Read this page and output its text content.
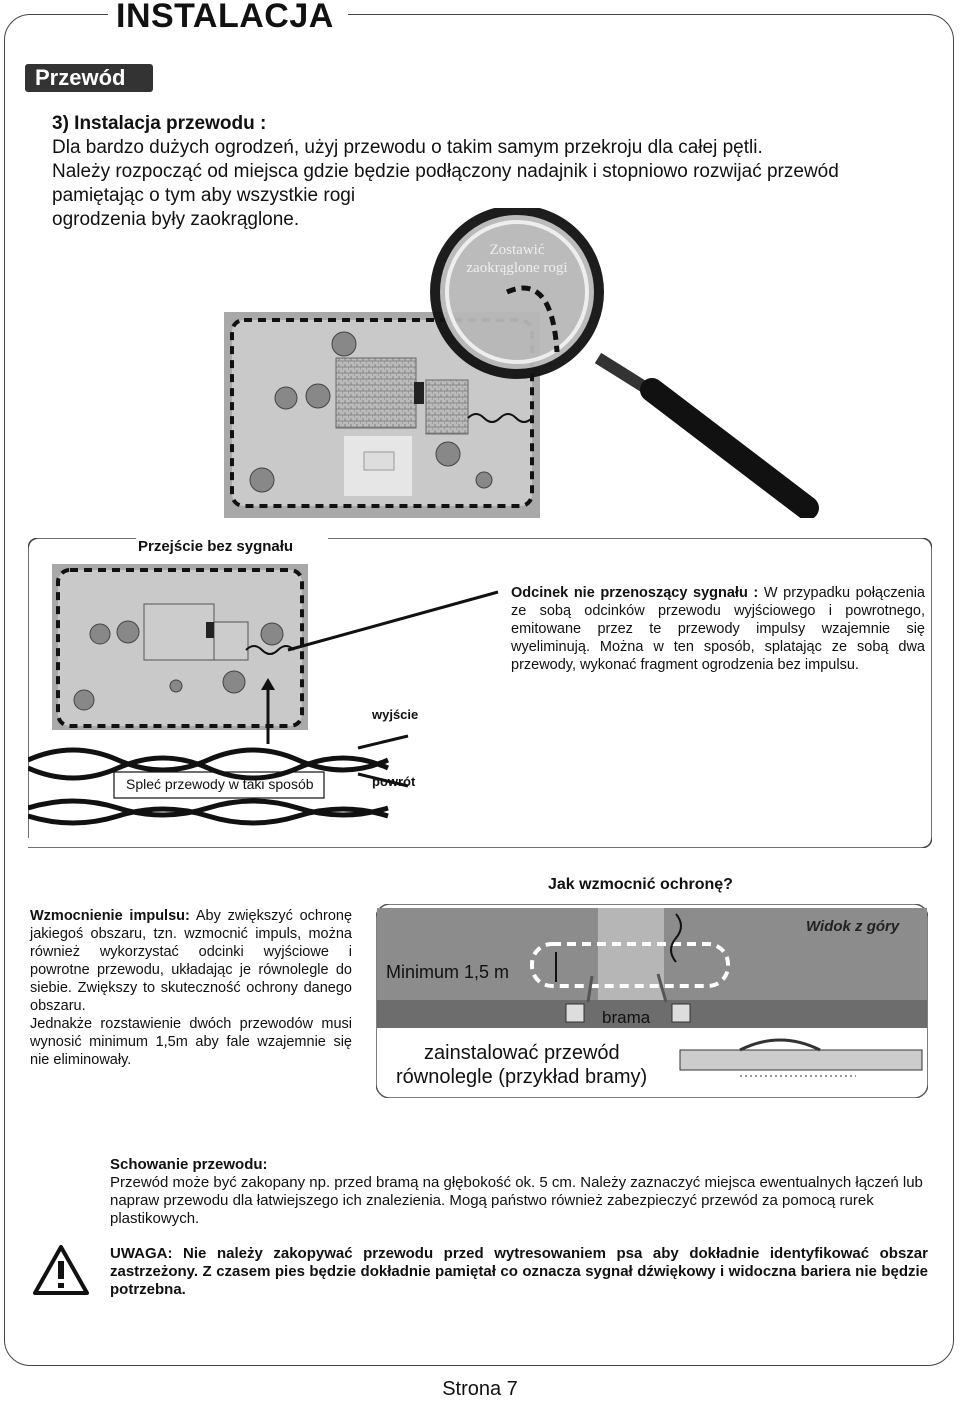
INSTALACJA
Przewód
3) Instalacja przewodu :
Dla bardzo dużych ogrodzeń, użyj przewodu o takim samym przekroju dla całej pętli.
Należy rozpocząć od miejsca gdzie będzie podłączony nadajnik i stopniowo rozwijać przewód
pamiętając o tym aby wszystkie rogi
ogrodzenia były zaokrąglone.
Zostawić
zaokrąglone rogi
Przejście bez sygnału
Odcinek nie przenoszący sygnału : W przypadku połączenia ze sobą odcinków przewodu wyjściowego i powrotnego, emitowane przez te przewody impulsy wzajemnie się wyeliminują. Można w ten sposób, splatając ze sobą dwa przewody, wykonać fragment ogrodzenia bez impulsu.
wyjście
powrót
Spleć przewody w taki sposób
Jak wzmocnić ochronę?
Wzmocnienie impulsu: Aby zwiększyć ochronę jakiegoś obszaru, tzn. wzmocnić impuls, można również wykorzystać odcinki wyjściowe i powrotne przewodu, układając je równolegle do siebie. Zwiększy to skuteczność ochrony danego obszaru.
Jednakże rozstawienie dwóch przewodów musi wynosić minimum 1,5m aby fale wzajemnie się nie eliminowały.
Widok z góry
Minimum 1,5 m
brama
zainstalować przewód
równolegle (przykład bramy)
Schowanie przewodu:
Przewód może być zakopany np. przed bramą na głębokość ok. 5 cm. Należy zaznaczyć miejsca ewentualnych łączeń lub napraw przewodu dla łatwiejszego ich znalezienia. Mogą państwo również zabezpieczyć przewód za pomocą rurek plastikowych.
UWAGA: Nie należy zakopywać przewodu przed wytresowaniem psa aby dokładnie identyfikować obszar zastrzeżony. Z czasem pies będzie dokładnie pamiętał co oznacza sygnał dźwiękowy i widoczna bariera nie będzie potrzebna.
Strona 7
